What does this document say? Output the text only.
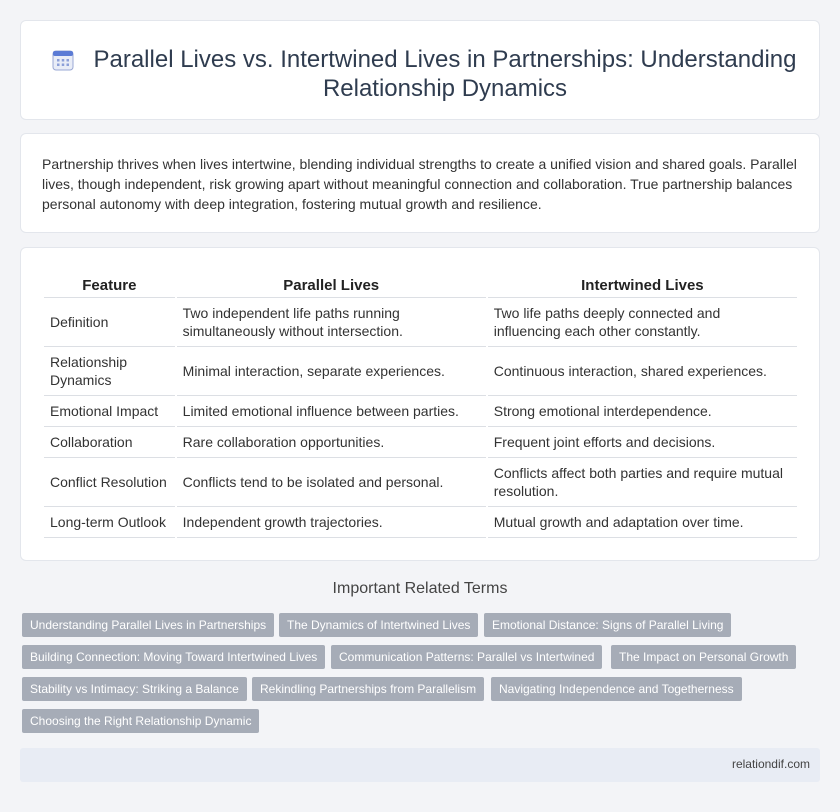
Parallel Lives vs. Intertwined Lives in Partnerships: Understanding Relationship Dynamics

Partnership thrives when lives intertwine, blending individual strengths to create a unified vision and shared goals. Parallel lives, though independent, risk growing apart without meaningful connection and collaboration. True partnership balances personal autonomy with deep integration, fostering mutual growth and resilience.

Feature	Parallel Lives	Intertwined Lives
Definition	Two independent life paths running simultaneously without intersection.	Two life paths deeply connected and influencing each other constantly.
Relationship Dynamics	Minimal interaction, separate experiences.	Continuous interaction, shared experiences.
Emotional Impact	Limited emotional influence between parties.	Strong emotional interdependence.
Collaboration	Rare collaboration opportunities.	Frequent joint efforts and decisions.
Conflict Resolution	Conflicts tend to be isolated and personal.	Conflicts affect both parties and require mutual resolution.
Long-term Outlook	Independent growth trajectories.	Mutual growth and adaptation over time.
Important Related Terms
Understanding Parallel Lives in Partnerships	The Dynamics of Intertwined Lives	Emotional Distance: Signs of Parallel Living
Building Connection: Moving Toward Intertwined Lives	Communication Patterns: Parallel vs Intertwined	The Impact on Personal Growth
Stability vs Intimacy: Striking a Balance	Rekindling Partnerships from Parallelism	Navigating Independence and Togetherness
Choosing the Right Relationship Dynamic
relationdif.com
